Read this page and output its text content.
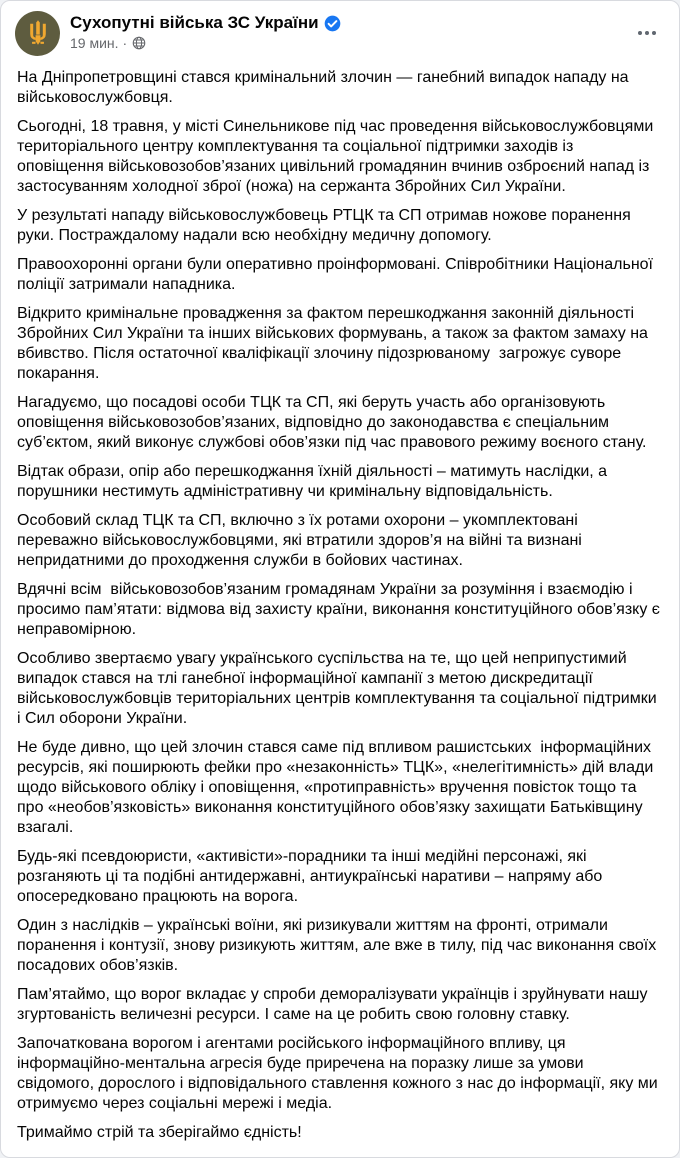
Сухопутні війська ЗС України
19 мин. ·

На Дніпропетровщині стався кримінальний злочин — ганебний випадок нападу на військовослужбовця.

Сьогодні, 18 травня, у місті Синельникове під час проведення військовослужбовцями територіального центру комплектування та соціальної підтримки заходів із оповіщення військовозобов’язаних цивільний громадянин вчинив озброєний напад із застосуванням холодної зброї (ножа) на сержанта Збройних Сил України.

У результаті нападу військовослужбовець РТЦК та СП отримав ножове поранення руки. Постраждалому надали всю необхідну медичну допомогу.

Правоохоронні органи були оперативно проінформовані. Співробітники Національної поліції затримали нападника.

Відкрито кримінальне провадження за фактом перешкоджання законній діяльності Збройних Сил України та інших військових формувань, а також за фактом замаху на вбивство. Після остаточної кваліфікації злочину підозрюваному  загрожує суворе покарання.

Нагадуємо, що посадові особи ТЦК та СП, які беруть участь або організовують оповіщення військовозобов’язаних, відповідно до законодавства є спеціальним суб’єктом, який виконує службові обов’язки під час правового режиму воєного стану.

Відтак образи, опір або перешкоджання їхній діяльності – матимуть наслідки, а порушники нестимуть адміністративну чи кримінальну відповідальність.

Особовий склад ТЦК та СП, включно з їх ротами охорони – укомплектовані переважно військовослужбовцями, які втратили здоров’я на війні та визнані непридатними до проходження служби в бойових частинах.

Вдячні всім  військовозобов’язаним громадянам України за розуміння і взаємодію і просимо пам’ятати: відмова від захисту країни, виконання конституційного обов’язку є неправомірною.

Особливо звертаємо увагу українського суспільства на те, що цей неприпустимий випадок стався на тлі ганебної інформаційної кампанії з метою дискредитації військовослужбовців територіальних центрів комплектування та соціальної підтримки і Сил оборони України.

Не буде дивно, що цей злочин стався саме під впливом рашистських  інформаційних ресурсів, які поширюють фейки про «незаконність» ТЦК», «нелегітимність» дій влади щодо військового обліку і оповіщення, «протиправність» вручення повісток тощо та про «необов’язковість» виконання конституційного обов’язку захищати Батьківщину взагалі.

Будь-які псевдоюристи, «активісти»-порадники та інші медійні персонажі, які розганяють ці та подібні антидержавні, антиукраїнські наративи – напряму або опосередковано працюють на ворога.

Один з наслідків – українські воїни, які ризикували життям на фронті, отримали  поранення і контузії, знову ризикують життям, але вже в тилу, під час виконання своїх посадових обов’язків.

Пам’ятаймо, що ворог вкладає у спроби деморалізувати українців і зруйнувати нашу згуртованість величезні ресурси. І саме на це робить свою головну ставку.

Започаткована ворогом і агентами російського інформаційного впливу, ця інформаційно-ментальна агресія буде приречена на поразку лише за умови свідомого, дорослого і відповідального ставлення кожного з нас до інформації, яку ми отримуємо через соціальні мережі і медіа.

Тримаймо стрій та зберігаймо єдність!
